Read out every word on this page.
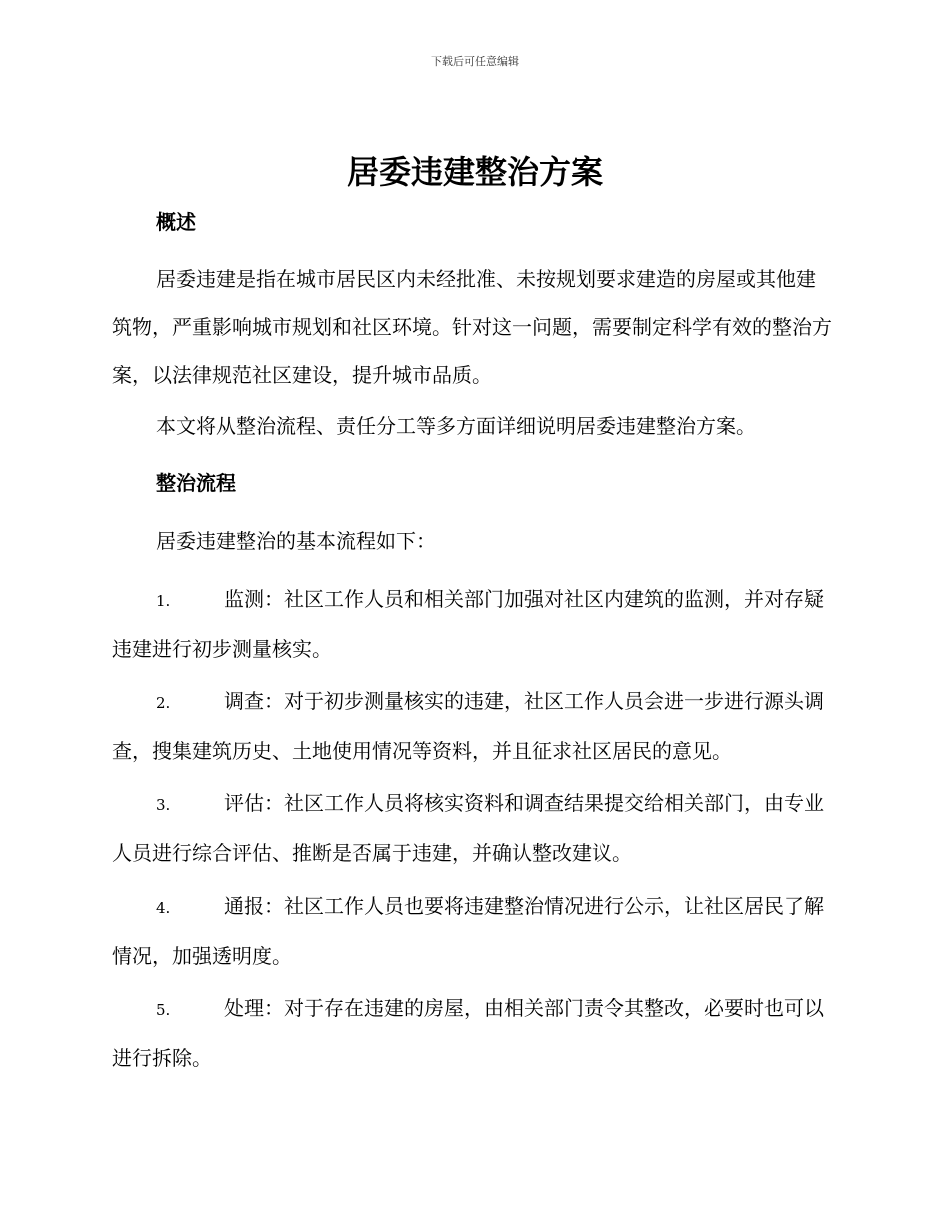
下载后可任意编辑
居委违建整治方案
概述
居委违建是指在城市居民区内未经批准、未按规划要求建造的房屋或其他建筑物，严重影响城市规划和社区环境。针对这一问题，需要制定科学有效的整治方案，以法律规范社区建设，提升城市品质。
本文将从整治流程、责任分工等多方面详细说明居委违建整治方案。
整治流程
居委违建整治的基本流程如下：
1.	监测：社区工作人员和相关部门加强对社区内建筑的监测，并对存疑违建进行初步测量核实。
2.	调查：对于初步测量核实的违建，社区工作人员会进一步进行源头调查，搜集建筑历史、土地使用情况等资料，并且征求社区居民的意见。
3.	评估：社区工作人员将核实资料和调查结果提交给相关部门，由专业人员进行综合评估、推断是否属于违建，并确认整改建议。
4.	通报：社区工作人员也要将违建整治情况进行公示，让社区居民了解情况，加强透明度。
5.	处理：对于存在违建的房屋，由相关部门责令其整改，必要时也可以进行拆除。
